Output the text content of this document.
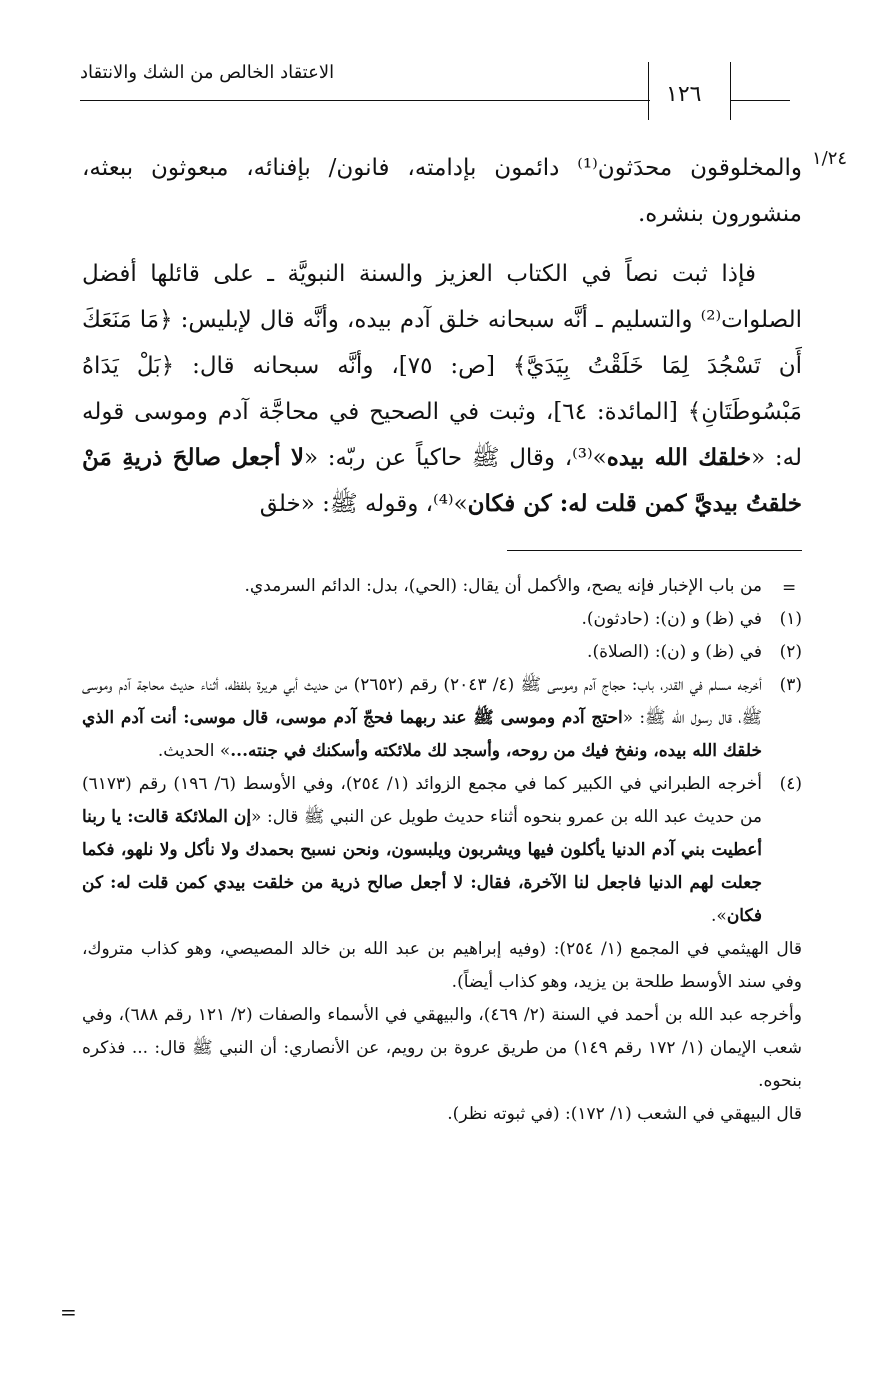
الاعتقاد الخالص من الشك والانتقاد
١٢٦
١/٢٤

والمخلوقون محدَثون⁽¹⁾ دائمون بإدامته، فانون/ بإفنائه، مبعوثون ببعثه، منشورون بنشره.

فإذا ثبت نصاً في الكتاب العزيز والسنة النبويَّة ـ على قائلها أفضل الصلوات⁽²⁾ والتسليم ـ أنَّه سبحانه خلق آدم بيده، وأنَّه قال لإبليس: ﴿مَا مَنَعَكَ أَن تَسْجُدَ لِمَا خَلَقْتُ بِيَدَيَّ﴾ [ص: ٧٥]، وأنَّه سبحانه قال: ﴿بَلْ يَدَاهُ مَبْسُوطَتَانِ﴾ [المائدة: ٦٤]، وثبت في الصحيح في محاجَّة آدم وموسى قوله له: «خلقك الله بيده»⁽³⁾، وقال ﷺ حاكياً عن ربّه: «لا أجعل صالحَ ذريةِ مَنْ خلقتُ بيديَّ كمن قلت له: كن فكان»⁽⁴⁾، وقوله ﷺ: «خلق

=

من باب الإخبار فإنه يصح، والأكمل أن يقال: (الحي)، بدل: الدائم السرمدي.

(١)
في (ظ) و (ن): (حادثون).

(٢)
في (ظ) و (ن): (الصلاة).

(٣)
أخرجه مسلم في القدر، باب: حجاج آدم وموسى ﷺ (٤/ ٢٠٤٣) رقم (٢٦٥٢) من حديث أبي هريرة بلفظه، أثناء حديث محاجة آدم وموسى ﷺ، قال رسول الله ﷺ: «احتج آدم وموسى ﷺ عند ربهما فحجّ آدم موسى، قال موسى: أنت آدم الذي خلقك الله بيده، ونفخ فيك من روحه، وأسجد لك ملائكته وأسكنك في جنته...» الحديث.

(٤)
أخرجه الطبراني في الكبير كما في مجمع الزوائد (١/ ٢٥٤)، وفي الأوسط (٦/ ١٩٦) رقم (٦١٧٣) من حديث عبد الله بن عمرو بنحوه أثناء حديث طويل عن النبي ﷺ قال: «إن الملائكة قالت: يا ربنا أعطيت بني آدم الدنيا يأكلون فيها ويشربون ويلبسون، ونحن نسبح بحمدك ولا نأكل ولا نلهو، فكما جعلت لهم الدنيا فاجعل لنا الآخرة، فقال: لا أجعل صالح ذرية من خلقت بيدي كمن قلت له: كن فكان».

قال الهيثمي في المجمع (١/ ٢٥٤): (وفيه إبراهيم بن عبد الله بن خالد المصيصي، وهو كذاب متروك، وفي سند الأوسط طلحة بن يزيد، وهو كذاب أيضاً).

وأخرجه عبد الله بن أحمد في السنة (٢/ ٤٦٩)، والبيهقي في الأسماء والصفات (٢/ ١٢١ رقم ٦٨٨)، وفي شعب الإيمان (١/ ١٧٢ رقم ١٤٩) من طريق عروة بن رويم، عن الأنصاري: أن النبي ﷺ قال: ... فذكره بنحوه.

قال البيهقي في الشعب (١/ ١٧٢): (في ثبوته نظر).

=
